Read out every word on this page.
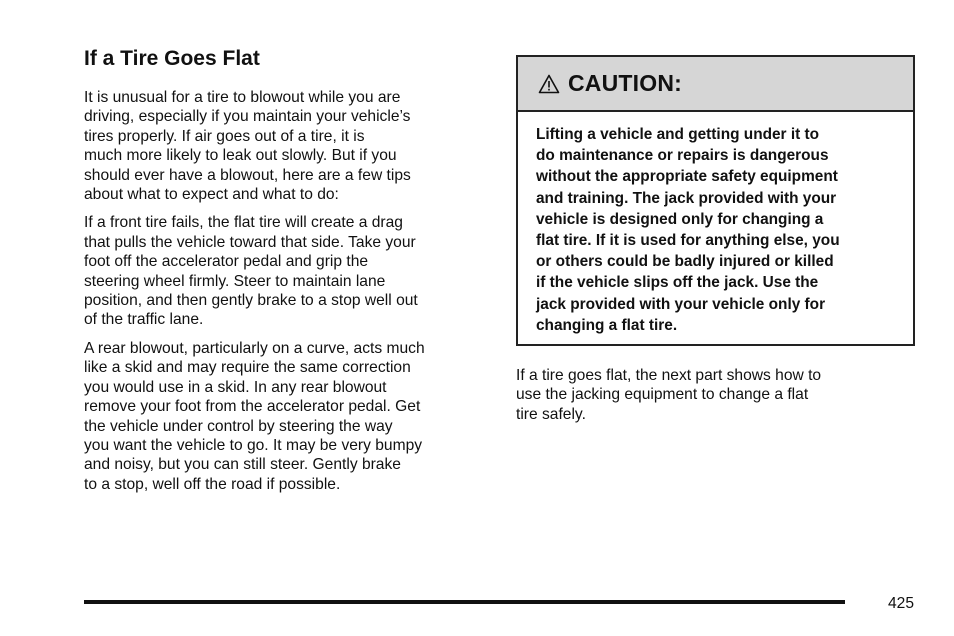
If a Tire Goes Flat

It is unusual for a tire to blowout while you are
driving, especially if you maintain your vehicle’s
tires properly. If air goes out of a tire, it is
much more likely to leak out slowly. But if you
should ever have a blowout, here are a few tips
about what to expect and what to do:

If a front tire fails, the flat tire will create a drag
that pulls the vehicle toward that side. Take your
foot off the accelerator pedal and grip the
steering wheel firmly. Steer to maintain lane
position, and then gently brake to a stop well out
of the traffic lane.

A rear blowout, particularly on a curve, acts much
like a skid and may require the same correction
you would use in a skid. In any rear blowout
remove your foot from the accelerator pedal. Get
the vehicle under control by steering the way
you want the vehicle to go. It may be very bumpy
and noisy, but you can still steer. Gently brake
to a stop, well off the road if possible.

CAUTION:
Lifting a vehicle and getting under it to
do maintenance or repairs is dangerous
without the appropriate safety equipment
and training. The jack provided with your
vehicle is designed only for changing a
flat tire. If it is used for anything else, you
or others could be badly injured or killed
if the vehicle slips off the jack. Use the
jack provided with your vehicle only for
changing a flat tire.

If a tire goes flat, the next part shows how to
use the jacking equipment to change a flat
tire safely.

425
